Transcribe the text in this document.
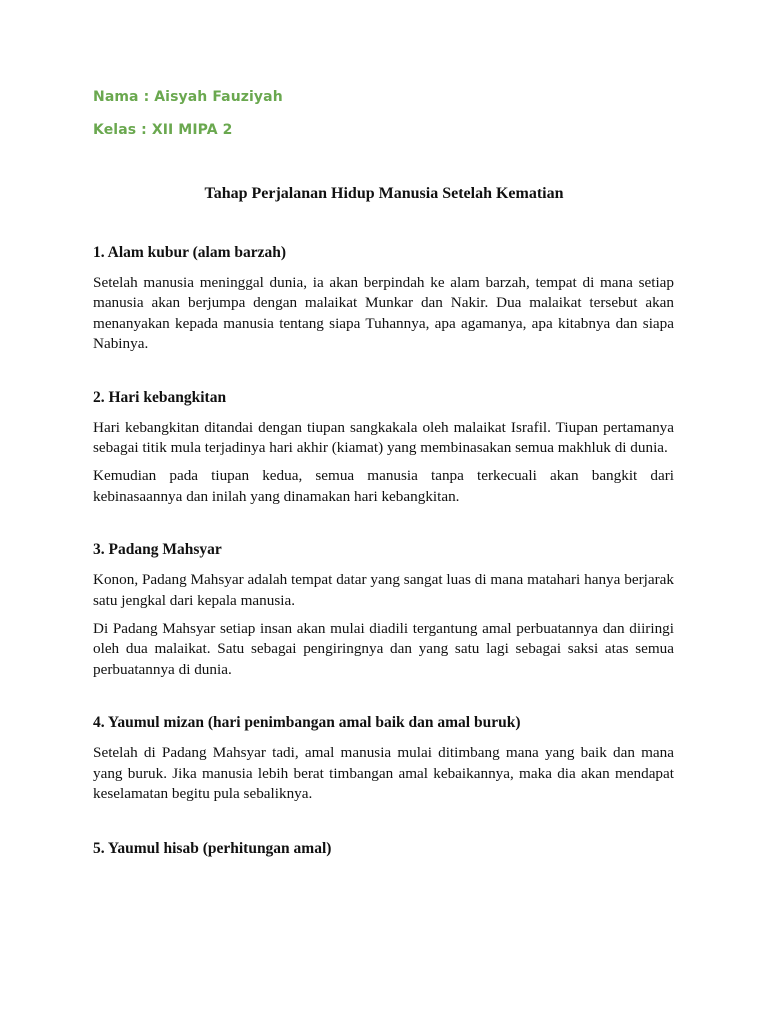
Nama : Aisyah Fauziyah
Kelas : XII MIPA 2
Tahap Perjalanan Hidup Manusia Setelah Kematian
1. Alam kubur (alam barzah)

Setelah manusia meninggal dunia, ia akan berpindah ke alam barzah, tempat di mana setiap manusia akan berjumpa dengan malaikat Munkar dan Nakir. Dua malaikat tersebut akan menanyakan kepada manusia tentang siapa Tuhannya, apa agamanya, apa kitabnya dan siapa Nabinya.

2. Hari kebangkitan

Hari kebangkitan ditandai dengan tiupan sangkakala oleh malaikat Israfil. Tiupan pertamanya sebagai titik mula terjadinya hari akhir (kiamat) yang membinasakan semua makhluk di dunia.

Kemudian pada tiupan kedua, semua manusia tanpa terkecuali akan bangkit dari kebinasaannya dan inilah yang dinamakan hari kebangkitan.

3. Padang Mahsyar

Konon, Padang Mahsyar adalah tempat datar yang sangat luas di mana matahari hanya berjarak satu jengkal dari kepala manusia.

Di Padang Mahsyar setiap insan akan mulai diadili tergantung amal perbuatannya dan diiringi oleh dua malaikat. Satu sebagai pengiringnya dan yang satu lagi sebagai saksi atas semua perbuatannya di dunia.

4. Yaumul mizan (hari penimbangan amal baik dan amal buruk)

Setelah di Padang Mahsyar tadi, amal manusia mulai ditimbang mana yang baik dan mana yang buruk. Jika manusia lebih berat timbangan amal kebaikannya, maka dia akan mendapat keselamatan begitu pula sebaliknya.

5. Yaumul hisab (perhitungan amal)
